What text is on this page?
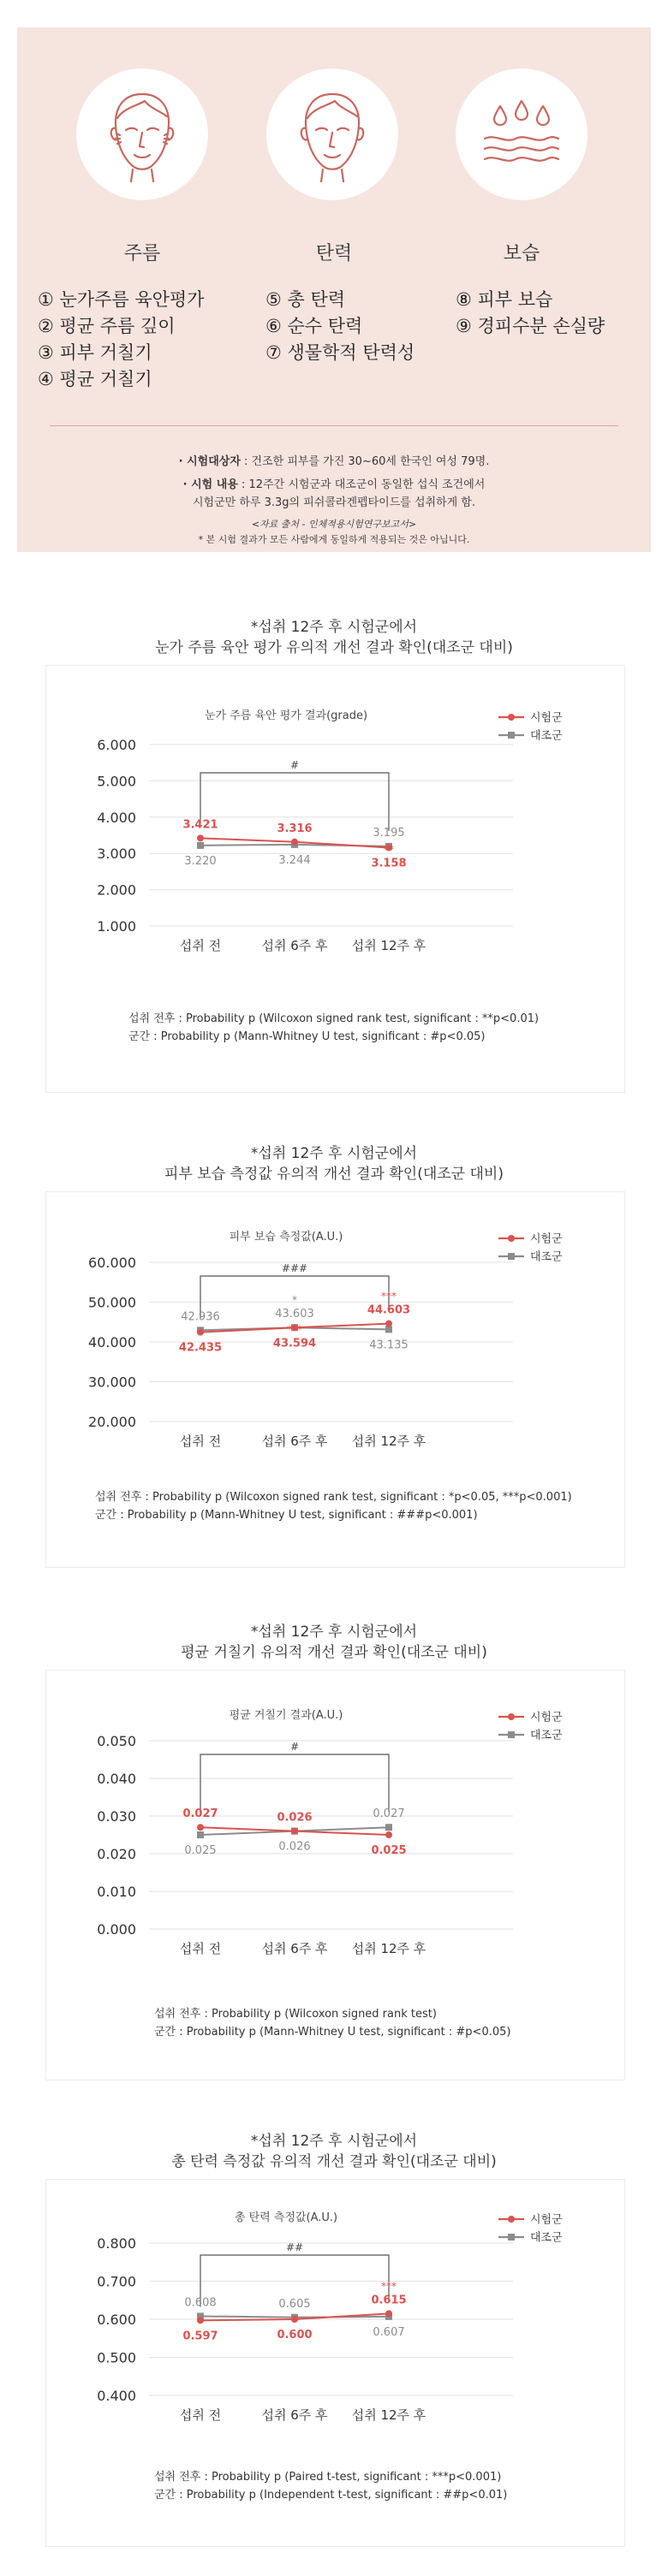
주름
① 눈가주름 육안평가
② 평균 주름 깊이
③ 피부 거칠기
④ 평균 거칠기
탄력
⑤ 총 탄력
⑥ 순수 탄력
⑦ 생물학적 탄력성
보습
⑧ 피부 보습
⑨ 경피수분 손실량
· 시험대상자 : 건조한 피부를 가진 30~60세 한국인 여성 79명.
· 시험 내용 : 12주간 시험군과 대조군이 동일한 섭식 조건에서
시험군만 하루 3.3g의 피쉬콜라겐펩타이드를 섭취하게 함.
<자료 출처 - 인체적용시험연구보고서>
* 본 시험 결과가 모든 사람에게 동일하게 적용되는 것은 아닙니다.
*섭취 12주 후 시험군에서
눈가 주름 육안 평가 유의적 개선 결과 확인(대조군 대비)
눈가 주름 육안 평가 결과(grade)	시험군
대조군
6.000
5.000
4.000
3.000
2.000
1.000
섭취 전	섭취 6주 후 섭취 12주 후
#
3.421
3.220
3.316
3.244	3.158
3.195
**
섭취 전후 : Probability p (Wilcoxon signed rank test, significant : **p<0.01)
군간 : Probability p (Mann-Whitney U test, significant : #p<0.05)
*섭취 12주 후 시험군에서
피부 보습 측정값 유의적 개선 결과 확인(대조군 대비)
피부 보습 측정값(A.U.)	시험군
대조군
60.000
50.000
40.000
30.000
20.000
섭취 전	섭취 6주 후 섭취 12주 후
###
42.435
42.936
43.594
43.603
***
*
44.603
43.135
***
섭취 전후 : Probability p (Wilcoxon signed rank test, significant : *p<0.05, ***p<0.001)
군간 : Probability p (Mann-Whitney U test, significant : ###p<0.001)
*섭취 12주 후 시험군에서
평균 거칠기 유의적 개선 결과 확인(대조군 대비)
평균 거칠기 결과(A.U.)	시험군
대조군
0.050
0.040
0.030
0.020
0.010
0.000
섭취 전	섭취 6주 후 섭취 12주 후
#
0.027
0.025
0.026
0.026	0.025
0.027
섭취 전후 : Probability p (Wilcoxon signed rank test)
군간 : Probability p (Mann-Whitney U test, significant : #p<0.05)
*섭취 12주 후 시험군에서
총 탄력 측정값 유의적 개선 결과 확인(대조군 대비)
총 탄력 측정값(A.U.)	시험군
대조군
0.800
0.700
0.600
0.500
0.400
섭취 전	섭취 6주 후 섭취 12주 후
##
0.597
0.608
0.600
0.605	0.615
0.607
***
섭취 전후 : Probability p (Paired t-test, significant : ***p<0.001)
군간 : Probability p (Independent t-test, significant : ##p<0.01)
